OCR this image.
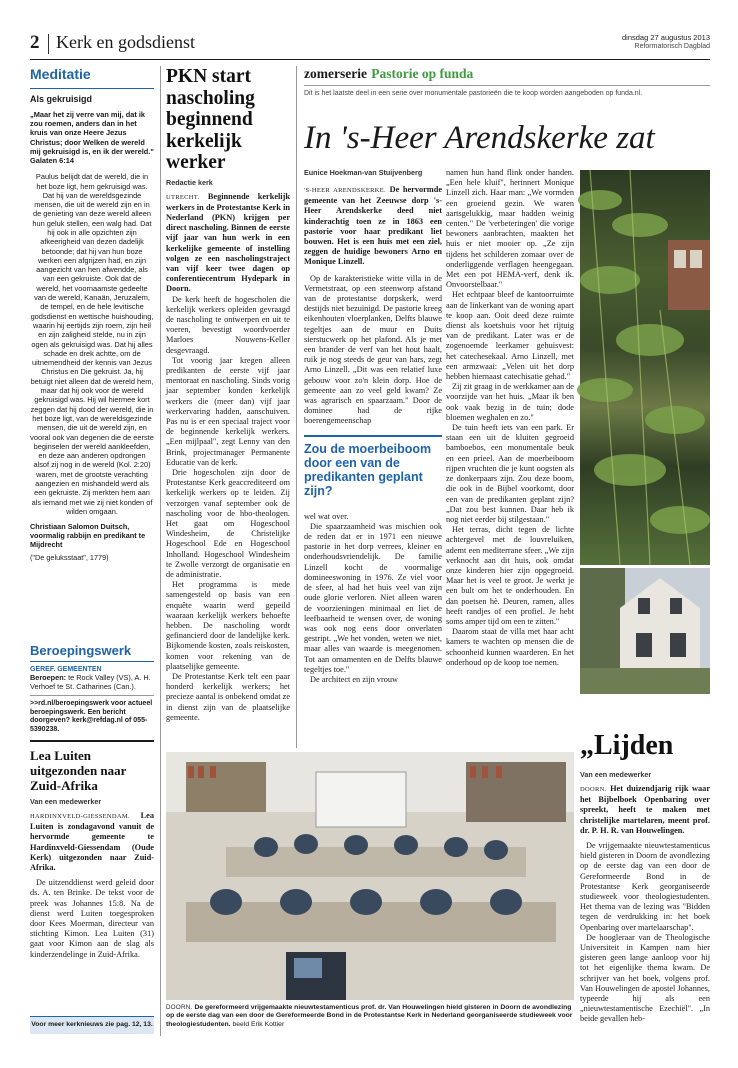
2 Kerk en godsdienst	dinsdag 27 augustus 2013
Reformatorisch Dagblad
Meditatie
Als gekruisigd
„Maar het zij verre van mij, dat ik zou roemen, anders dan in het kruis van onze Heere Jezus Christus; door Welken de wereld mij gekruisigd is, en ik der wereld." Galaten 6:14
Paulus belijdt dat de wereld, die in het boze ligt, hem gekruisigd was. Dat hij van de wereldsgezinde mensen, die uit de wereld zijn en in de genieting van deze wereld alleen hun geluk stellen, een walg had. Dat hij ook in alle opzichten zijn afkeerigheid van dezen dadelijk betoonde; dat hij van hun boze werken een afgrijzen had, en zijn aangezicht van hen afwendde, als van een gekruiste. Ook dat de wereld, het voornaamste gedeelte van de wereld, Kanaän, Jeruzalem, de tempel, en de hele levitische godsdienst en wettische huishouding, waarin hij eertijds zijn roem, zijn heil en zijn zaligheid stelde, nu in zijn ogen als gekruisigd was. Dat hij alles schade en drek achtte, om de uitnemendheid der kennis van Jezus Christus en Die gekruist. Ja, hij betuigt niet alleen dat de wereld hem, maar dat hij ook voor de wereld gekruisigd was. Hij wil hiermee kort zeggen dat hij dood der wereld, die in het boze ligt, van de wereldsgezinde mensen, die uit de wereld zijn, en vooral ook van degenen die de eerste beginselen der wereld aankleefden, en deze aan anderen opdrongen alsof zij nog in de wereld (Kol. 2:20) waren, met de grootste verachting aangezien en mishandeld werd als een gekruiste. Zij merkten hem aan als iemand met wie zij niet konden of wilden omgaan.
Christiaan Salomon Duitsch, voormalig rabbijn en predikant te Mijdrecht
("De geluksstaat", 1779)
Beroepingswerk
GEREF. GEMEENTEN
Beroepen: te Rock Valley (VS), A. H. Verhoef te St. Catharines (Can.).
>>rd.nl/beroepingswerk voor actueel beroepingswerk. Een bericht doorgeven? kerk@refdag.nl of 055-5390238.
Lea Luiten uitgezonden naar Zuid-Afrika
Van een medewerker

HARDINXVELD-GIESSENDAM. Lea Luiten is zondagavond vanuit de hervormde gemeente te Hardinxveld-Giessendam (Oude Kerk) uitgezonden naar Zuid-Afrika.

De uitzenddienst werd geleid door ds. A. ten Brinke. De tekst voor de preek was Johannes 15:8. Na de dienst werd Luiten toegesproken door Kees Moerman, directeur van stichting Kimon. Lea Luiten (31) gaat voor Kimon aan de slag als kinderzendelinge in Zuid-Afrika.

Voor meer kerknieuws zie pag. 12, 13.
PKN start nascholing beginnend kerkelijk werker
Redactie kerk

UTRECHT. Beginnende kerkelijk werkers in de Protestantse Kerk in Nederland (PKN) krijgen per direct nascholing. Binnen de eerste vijf jaar van hun werk in een kerkelijke gemeente of instelling volgen ze een nascholingstraject van vijf keer twee dagen op conferentiecentrum Hydepark in Doorn.

De kerk heeft de hogescholen die kerkelijk werkers opleiden gevraagd de nascholing te ontwerpen en uit te voeren, bevestigt woordvoerder Marloes Nouwens-Keller desgevraagd.

Tot voorig jaar kregen alleen predikanten de eerste vijf jaar mentoraat en nascholing. Sinds vorig jaar september konden kerkelijk werkers die (meer dan) vijf jaar werkervaring hadden, aanschuiven. Pas nu is er een speciaal traject voor de beginnende kerkelijk werkers. „Een mijlpaal", zegt Lenny van den Brink, projectmanager Permanente Educatie van de kerk.

Drie hogescholen zijn door de Protestantse Kerk geaccrediteerd om kerkelijk werkers op te leiden. Zij verzorgen vanaf september ook de nascholing voor de hbo-theologen. Het gaat om Hogeschool Windesheim, de Christelijke Hogeschool Ede en Hogeschool Inholland. Hogeschool Windesheim te Zwolle verzorgt de organisatie en de administratie.

Het programma is mede samengesteld op basis van een enquête waarin werd gepeild waaraan kerkelijk werkers behoefte hebben. De nascholing wordt gefinancierd door de landelijke kerk. Bijkomende kosten, zoals reiskosten, komen voor rekening van de plaatselijke gemeente.

De Protestantse Kerk telt een paar honderd kerkelijk werkers; het precieze aantal is onbekend omdat ze in dienst zijn van de plaatselijke gemeente.

zomerserie Pastorie op funda
Dit is het laatste deel in een serie over monumentale pastorieën die te koop worden aangeboden op funda.nl.
In 's-Heer Arendskerke zat
Eunice Hoekman-van Stuijvenberg

'S-HEER ARENDSKERKE. De hervormde gemeente van het Zeeuwse dorp 's-Heer Arendskerke deed niet kinderachtig toen ze in 1863 een pastorie voor haar predikant liet bouwen. Het is een huis met een ziel, zeggen de huidige bewoners Arno en Monique Linzell.

Op de karakteristieke witte villa in de Vermetstraat, op een steenworp afstand van de protestantse dorpskerk, werd destijds niet bezuinigd. De pastorie kreeg eikenhouten vloerplanken, Delfts blauwe tegeltjes aan de muur en Duits sierstucwerk op het plafond. Als je met een brander de verf van het hout haalt, ruik je nog steeds de geur van hars, zegt Arno Linzell. „Dit was een relatief luxe gebouw voor zo'n klein dorp. Hoe de gemeente aan zo veel geld kwam? Ze was agrarisch en spaarzaam." Door de dominee had de rijke boerengemeenschap

Zou de moerbeiboom door een van de predikanten geplant zijn?

wel wat over.

Die spaarzaamheid was mischien ook de reden dat er in 1971 een nieuwe pastorie in het dorp verrees, kleiner en onderhoudsvriendelijk. De familie Linzell kocht de voormalige domineeswoning in 1976. Ze viel voor de sfeer, al had het huis veel van zijn oude glorie verloren. Niet alleen waren de voorzieningen minimaal en liet de leefbaarheid te wensen over, de woning was ook nog eens door onverlaten gestript. „We het vonden, weten we niet, maar alles van waarde is meegenomen. Tot aan ornamenten en de Delfts blauwe tegeltjes toe."

De architect en zijn vrouw

namen hun hand flink onder handen. „Een hele kluif", herinnert Monique Linzell zich. Haar man: „We vormden een groeiend gezin. We waren aartsgelukkig, maar hadden weinig centen." De 'verbeteringen' die vorige bewoners aanbrachten, maakten het huis er niet mooier op. „Ze zijn tijdens het schilderen zomaar over de onderliggende verflagen heengegaan. Met een pot HEMA-verf, denk ik. Onvoorstelbaar."

Het echtpaar bleef de kantoorruimte aan de linkerkant van de woning apart te koop aan. Ooit deed deze ruimte dienst als koetshuis voor het rijtuig van de predikant. Later was er de zogenoemde leerkamer gehuisvest: het catechesekaal. Arno Linzell, met een armzwaai: „Velen uit het dorp hebben hiernaast catechisatie gehad."

Zij zit graag in de werkkamer aan de voorzijde van het huis. „Maar ik ben ook vaak bezig in de tuin; dode bloemen weghalen en zo."

De tuin heeft iets van een park. Er staan een uit de kluiten gegroeid bamboebos, een monumentale beuk en een prieel. Aan de moerbeiboom rijpen vruchten die je kunt oogsten als ze donkerpaars zijn. Zou deze boom, die ook in de Bijbel voorkomt, door een van de predikanten geplant zijn? „Dat zou best kunnen. Daar heb ik nog niet eerder bij stilgestaan."

Het terras, dicht tegen de lichte achtergevel met de louvreluiken, ademt een mediterrane sfeer. „We zijn verknocht aan dit huis, ook omdat onze kinderen hier zijn opgegroeid. Maar het is veel te groot. Je werkt je een bult om het te onderhouden. En dan poetsen hè. Deuren, ramen, alles heeft randjes of een profiel. Je hebt soms amper tijd om een te zitten."

Daarom staat de villa met haar acht kamers te wachten op mensen die de schoonheid kunnen waarderen. En het onderhoud op de koop toe nemen.

DOORN. De gereformeerd vrijgemaakte nieuwtestamenticus prof. dr. Van Houwelingen hield gisteren in Doorn de avondlezing op de eerste dag van een door de Gereformeerde Bond in de Protestantse Kerk in Nederland georganiseerde studieweek voor theologiestudenten. beeld Erik Kottier
„Lijden
Van een medewerker

DOORN. Het duizendjarig rijk waar het Bijbelboek Openbaring over spreekt, heeft te maken met christelijke martelaren, meent prof. dr. P. H. R. van Houwelingen.

De vrijgemaakte nieuwtestamenticus hield gisteren in Doorn de avondlezing op de eerste dag van een door de Gereformeerde Bond in de Protestantse Kerk georganiseerde studieweek voor theologiestudenten. Het thema van de lezing was "Bidden tegen de verdrukking in: het boek Openbaring over martelaarschap".

De hoogleraar van de Theologische Universiteit in Kampen nam hier gisteren geen lange aanloop voor hij tot het eigenlijke thema kwam. De schrijver van het boek, volgens prof. Van Houwelingen de apostel Johannes, typeerde hij als een „nieuwtestamentische Ezechiël". „In beide gevallen heb-
